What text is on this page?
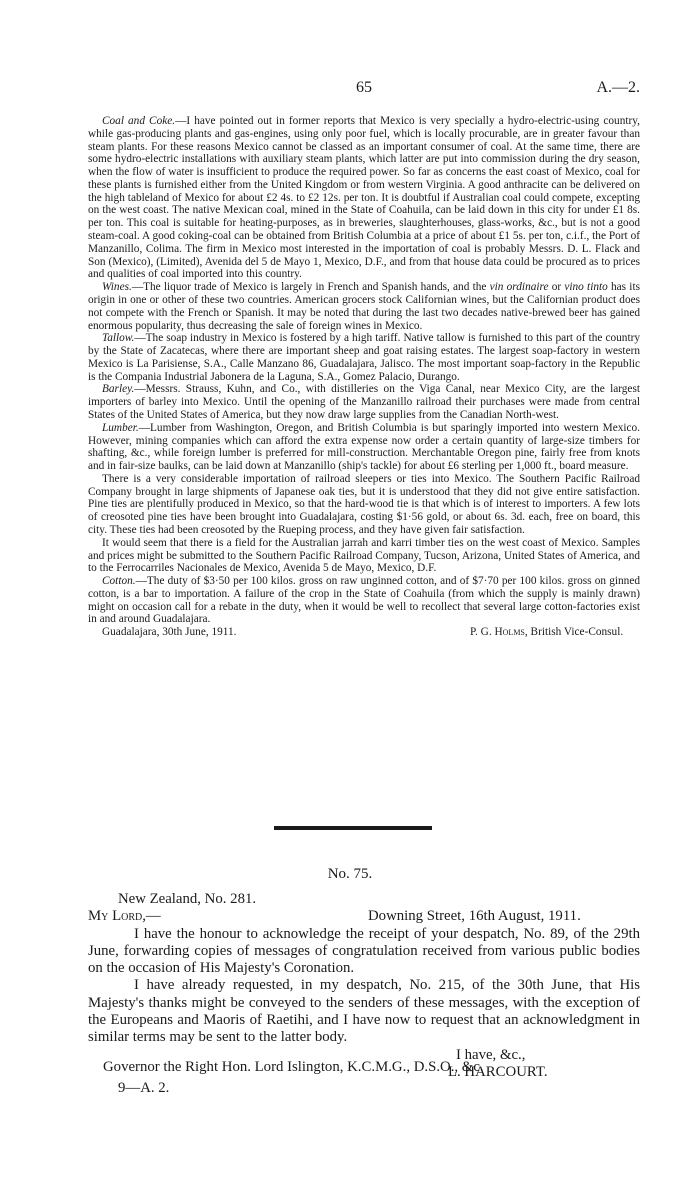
65	A.—2.

Coal and Coke.—I have pointed out in former reports that Mexico is very specially a hydro-electric-using country, while gas-producing plants and gas-engines, using only poor fuel, which is locally procurable, are in greater favour than steam plants. For these reasons Mexico cannot be classed as an important consumer of coal. At the same time, there are some hydro-electric installations with auxiliary steam plants, which latter are put into commission during the dry season, when the flow of water is insufficient to produce the required power. So far as concerns the east coast of Mexico, coal for these plants is furnished either from the United Kingdom or from western Virginia. A good anthracite can be delivered on the high tableland of Mexico for about £2 4s. to £2 12s. per ton. It is doubtful if Australian coal could compete, excepting on the west coast. The native Mexican coal, mined in the State of Coahuila, can be laid down in this city for under £1 8s. per ton. This coal is suitable for heating-purposes, as in breweries, slaughterhouses, glass-works, &c., but is not a good steam-coal. A good coking-coal can be obtained from British Columbia at a price of about £1 5s. per ton, c.i.f., the Port of Manzanillo, Colima. The firm in Mexico most interested in the importation of coal is probably Messrs. D. L. Flack and Son (Mexico), (Limited), Avenida del 5 de Mayo 1, Mexico, D.F., and from that house data could be procured as to prices and qualities of coal imported into this country.

Wines.—The liquor trade of Mexico is largely in French and Spanish hands, and the vin ordinaire or vino tinto has its origin in one or other of these two countries. American grocers stock Californian wines, but the Californian product does not compete with the French or Spanish. It may be noted that during the last two decades native-brewed beer has gained enormous popularity, thus decreasing the sale of foreign wines in Mexico.

Tallow.—The soap industry in Mexico is fostered by a high tariff. Native tallow is furnished to this part of the country by the State of Zacatecas, where there are important sheep and goat raising estates. The largest soap-factory in western Mexico is La Parisiense, S.A., Calle Manzano 86, Guadalajara, Jalisco. The most important soap-factory in the Republic is the Compania Industrial Jabonera de la Laguna, S.A., Gomez Palacio, Durango.

Barley.—Messrs. Strauss, Kuhn, and Co., with distilleries on the Viga Canal, near Mexico City, are the largest importers of barley into Mexico. Until the opening of the Manzanillo railroad their purchases were made from central States of the United States of America, but they now draw large supplies from the Canadian North-west.

Lumber.—Lumber from Washington, Oregon, and British Columbia is but sparingly imported into western Mexico. However, mining companies which can afford the extra expense now order a certain quantity of large-size timbers for shafting, &c., while foreign lumber is preferred for mill-construction. Merchantable Oregon pine, fairly free from knots and in fair-size baulks, can be laid down at Manzanillo (ship's tackle) for about £6 sterling per 1,000 ft., board measure.

There is a very considerable importation of railroad sleepers or ties into Mexico. The Southern Pacific Railroad Company brought in large shipments of Japanese oak ties, but it is understood that they did not give entire satisfaction. Pine ties are plentifully produced in Mexico, so that the hard-wood tie is that which is of interest to importers. A few lots of creosoted pine ties have been brought into Guadalajara, costing $1·56 gold, or about 6s. 3d. each, free on board, this city. These ties had been creosoted by the Rueping process, and they have given fair satisfaction.

It would seem that there is a field for the Australian jarrah and karri timber ties on the west coast of Mexico. Samples and prices might be submitted to the Southern Pacific Railroad Company, Tucson, Arizona, United States of America, and to the Ferrocarriles Nacionales de Mexico, Avenida 5 de Mayo, Mexico, D.F.

Cotton.—The duty of $3·50 per 100 kilos. gross on raw unginned cotton, and of $7·70 per 100 kilos. gross on ginned cotton, is a bar to importation. A failure of the crop in the State of Coahuila (from which the supply is mainly drawn) might on occasion call for a rebate in the duty, when it would be well to recollect that several large cotton-factories exist in and around Guadalajara.

Guadalajara, 30th June, 1911.	P. G. Holms, British Vice-Consul.
No. 75.
New Zealand, No. 281.
My Lord,—	Downing Street, 16th August, 1911.

I have the honour to acknowledge the receipt of your despatch, No. 89, of the 29th June, forwarding copies of messages of congratulation received from various public bodies on the occasion of His Majesty's Coronation.

I have already requested, in my despatch, No. 215, of the 30th June, that His Majesty's thanks might be conveyed to the senders of these messages, with the exception of the Europeans and Maoris of Raetihi, and I have now to request that an acknowledgment in similar terms may be sent to the latter body.

I have, &c.,
L. HARCOURT.
Governor the Right Hon. Lord Islington, K.C.M.G., D.S.O., &c.
9—A. 2.
